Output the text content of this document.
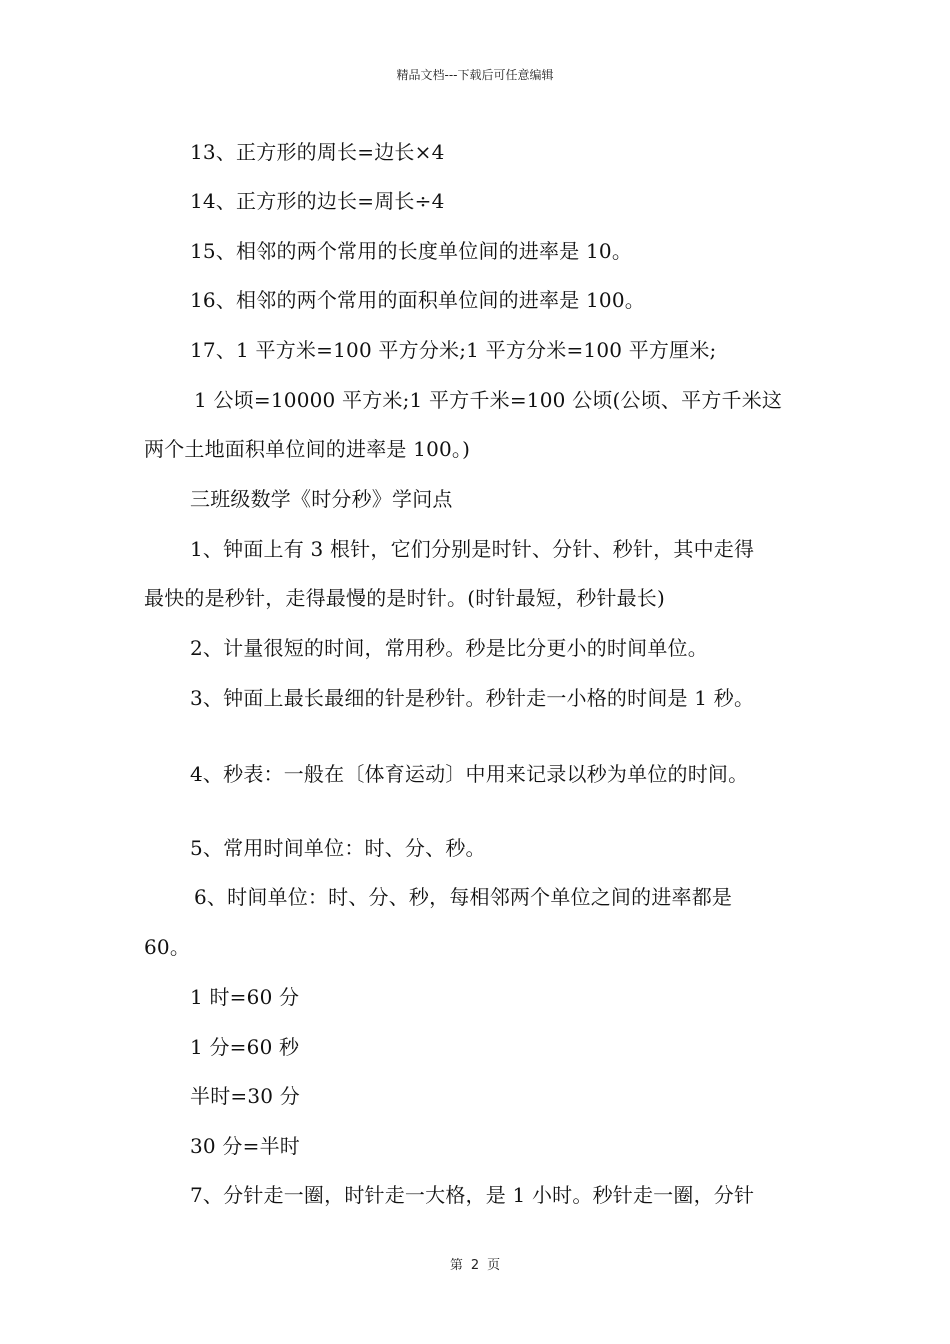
精品文档---下载后可任意编辑
13、正方形的周长=边长×4
14、正方形的边长=周长÷4
15、相邻的两个常用的长度单位间的进率是 10。
16、相邻的两个常用的面积单位间的进率是 100。
17、1 平方米=100 平方分米;1 平方分米=100 平方厘米;
1 公顷=10000 平方米;1 平方千米=100 公顷(公顷、平方千米这
两个土地面积单位间的进率是 100。)
三班级数学《时分秒》学问点
1、钟面上有 3 根针，它们分别是时针、分针、秒针，其中走得
最快的是秒针，走得最慢的是时针。(时针最短，秒针最长)
2、计量很短的时间，常用秒。秒是比分更小的时间单位。
3、钟面上最长最细的针是秒针。秒针走一小格的时间是 1 秒。
4、秒表：一般在〔体育运动〕中用来记录以秒为单位的时间。
5、常用时间单位：时、分、秒。
6、时间单位：时、分、秒，每相邻两个单位之间的进率都是
60。
1 时=60 分
1 分=60 秒
半时=30 分
30 分=半时
7、分针走一圈，时针走一大格，是 1 小时。秒针走一圈，分针
第 2 页
